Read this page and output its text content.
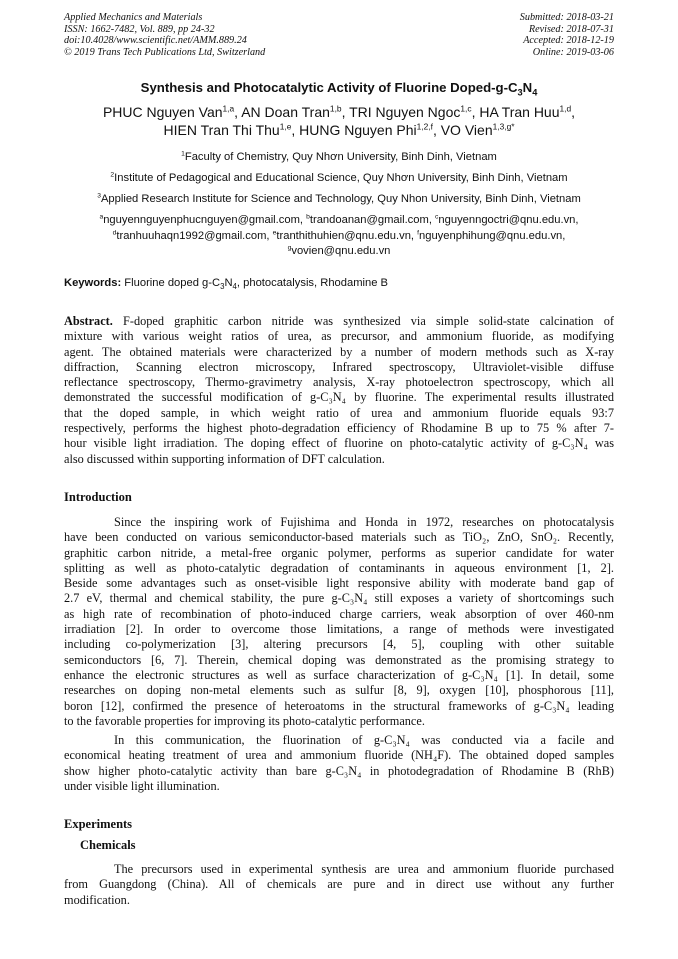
Applied Mechanics and Materials
ISSN: 1662-7482, Vol. 889, pp 24-32
doi:10.4028/www.scientific.net/AMM.889.24
© 2019 Trans Tech Publications Ltd, Switzerland
Submitted: 2018-03-21
Revised: 2018-07-31
Accepted: 2018-12-19
Online: 2019-03-06
Synthesis and Photocatalytic Activity of Fluorine Doped-$g-C_3N_4$
PHUC Nguyen Van$^{1,a}$, AN Doan Tran$^{1,b}$, TRI Nguyen Ngoc$^{1,c}$, HA Tran Huu$^{1,d}$,
HIEN Tran Thi Thu$^{1,e}$, HUNG Nguyen Phi$^{1,2,f}$, VO Vien$^{1,3,g*}$
$^1$Faculty of Chemistry, Quy Nhơn University, Binh Dinh, Vietnam
$^2$Institute of Pedagogical and Educational Science, Quy Nhơn University, Binh Dinh, Vietnam
$^3$Applied Research Institute for Science and Technology, Quy Nhon University, Binh Dinh, Vietnam
$^a$nguyennguyenphucnguyen@gmail.com, $^b$trandoanan@gmail.com, $^c$nguyenngoctri@qnu.edu.vn,
$^d$tranhuuhaqn1992@gmail.com, $^e$tranthithuhien@qnu.edu.vn, $^f$nguyenphihung@qnu.edu.vn,
$^g$vovien@qnu.edu.vn
Keywords: Fluorine doped $g-C_3N_4$, photocatalysis, Rhodamine B
Abstract. F-doped graphitic carbon nitride was synthesized via simple solid-state calcination of
mixture with various weight ratios of urea, as precursor, and ammonium fluoride, as modifying
agent. The obtained materials were characterized by a number of modern methods such as X-ray
diffraction, Scanning electron microscopy, Infrared spectroscopy, Ultraviolet-visible diffuse
reflectance spectroscopy, Thermo-gravimetry analysis, X-ray photoelectron spectroscopy, which all
demonstrated the successful modification of g-C₃N₄ by fluorine. The experimental results illustrated
that the doped sample, in which weight ratio of urea and ammonium fluoride equals 93:7
respectively, performs the highest photo-degradation efficiency of Rhodamine B up to 75 % after 7-
hour visible light irradiation. The doping effect of fluorine on photo-catalytic activity of g-C₃N₄ was
also discussed within supporting information of DFT calculation.
Introduction
Since the inspiring work of Fujishima and Honda in 1972, researches on photocatalysis
have been conducted on various semiconductor-based materials such as TiO₂, ZnO, SnO₂. Recently,
graphitic carbon nitride, a metal-free organic polymer, performs as superior candidate for water
splitting as well as photo-catalytic degradation of contaminants in aqueous environment [1, 2].
Beside some advantages such as onset-visible light responsive ability with moderate band gap of
2.7 eV, thermal and chemical stability, the pure g-C₃N₄ still exposes a variety of shortcomings such
as high rate of recombination of photo-induced charge carriers, weak absorption of over 460-nm
irradiation [2]. In order to overcome those limitations, a range of methods were investigated
including co-polymerization [3], altering precursors [4, 5], coupling with other suitable
semiconductors [6, 7]. Therein, chemical doping was demonstrated as the promising strategy to
enhance the electronic structures as well as surface characterization of g-C₃N₄ [1]. In detail, some
researches on doping non-metal elements such as sulfur [8, 9], oxygen [10], phosphorous [11],
boron [12], confirmed the presence of heteroatoms in the structural frameworks of g-C₃N₄ leading
to the favorable properties for improving its photo-catalytic performance.
In this communication, the fluorination of g-C₃N₄ was conducted via a facile and
economical heating treatment of urea and ammonium fluoride (NH₄F). The obtained doped samples
show higher photo-catalytic activity than bare g-C₃N₄ in photodegradation of Rhodamine B (RhB)
under visible light illumination.
Experiments
Chemicals
The precursors used in experimental synthesis are urea and ammonium fluoride purchased
from Guangdong (China). All of chemicals are pure and in direct use without any further
modification.
